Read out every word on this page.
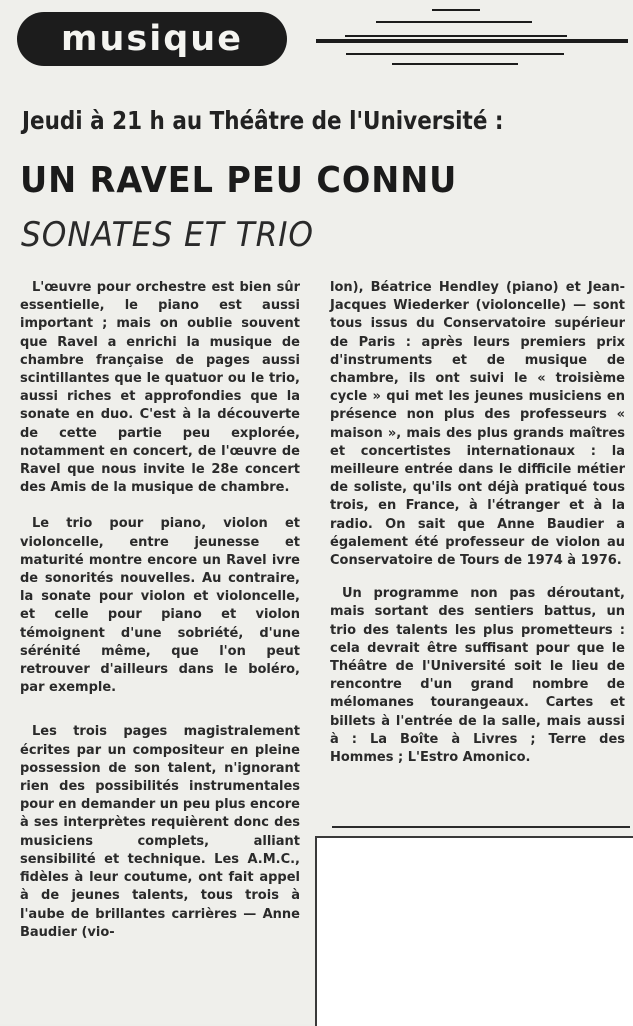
musique
Jeudi à 21 h au Théâtre de l'Université :
UN RAVEL PEU CONNU
SONATES ET TRIO

L'œuvre pour orchestre est bien sûr essentielle, le piano est aussi important ; mais on oublie souvent que Ravel a enrichi la musique de chambre française de pages aussi scintillantes que le quatuor ou le trio, aussi riches et approfondies que la sonate en duo. C'est à la découverte de cette partie peu explorée, notamment en concert, de l'œuvre de Ravel que nous invite le 28e concert des Amis de la musique de chambre.

Le trio pour piano, violon et violoncelle, entre jeunesse et maturité montre encore un Ravel ivre de sonorités nouvelles. Au contraire, la sonate pour violon et violoncelle, et celle pour piano et violon témoignent d'une sobriété, d'une sérénité même, que l'on peut retrouver d'ailleurs dans le boléro, par exemple.

Les trois pages magistralement écrites par un compositeur en pleine possession de son talent, n'ignorant rien des possibilités instrumentales pour en demander un peu plus encore à ses interprètes requièrent donc des musiciens complets, alliant sensibilité et technique. Les A.M.C., fidèles à leur coutume, ont fait appel à de jeunes talents, tous trois à l'aube de brillantes carrières — Anne Baudier (vio-

lon), Béatrice Hendley (piano) et Jean-Jacques Wiederker (violoncelle) — sont tous issus du Conservatoire supérieur de Paris : après leurs premiers prix d'instruments et de musique de chambre, ils ont suivi le « troisième cycle » qui met les jeunes musiciens en présence non plus des professeurs « maison », mais des plus grands maîtres et concertistes internationaux : la meilleure entrée dans le difficile métier de soliste, qu'ils ont déjà pratiqué tous trois, en France, à l'étranger et à la radio. On sait que Anne Baudier a également été professeur de violon au Conservatoire de Tours de 1974 à 1976.

Un programme non pas déroutant, mais sortant des sentiers battus, un trio des talents les plus prometteurs : cela devrait être suffisant pour que le Théâtre de l'Université soit le lieu de rencontre d'un grand nombre de mélomanes tourangeaux. Cartes et billets à l'entrée de la salle, mais aussi à : La Boîte à Livres ; Terre des Hommes ; L'Estro Amonico.
